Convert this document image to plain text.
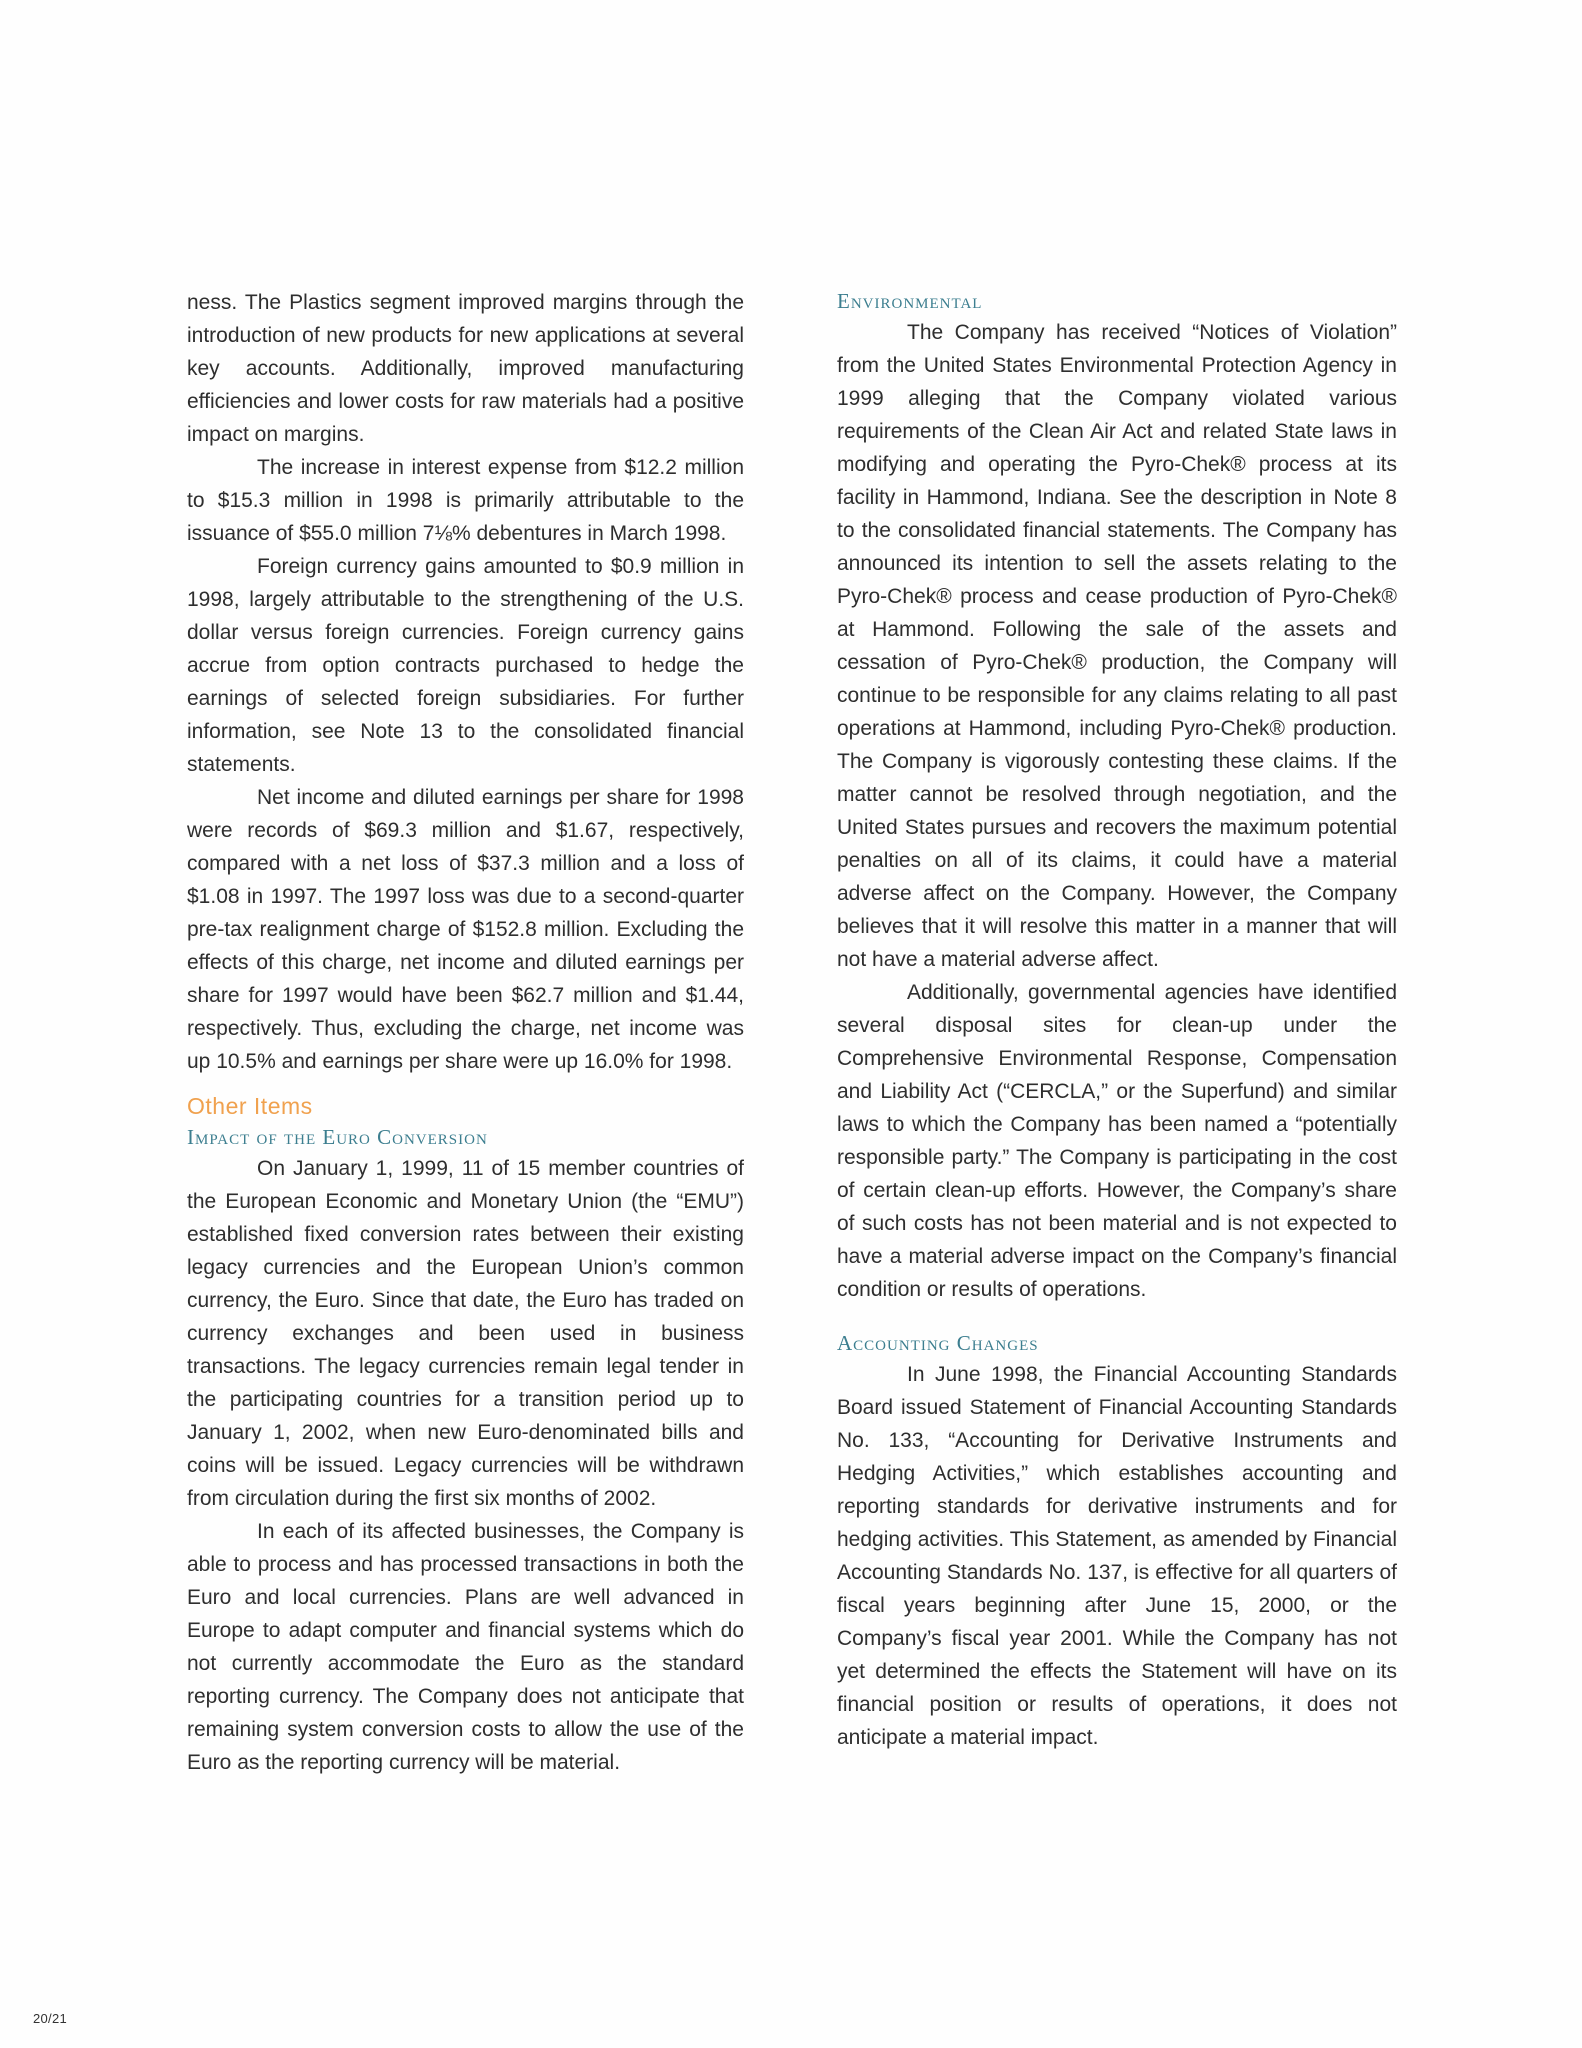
ness. The Plastics segment improved margins through the introduction of new products for new applications at several key accounts. Additionally, improved manufacturing efficiencies and lower costs for raw materials had a positive impact on margins.

The increase in interest expense from $12.2 million to $15.3 million in 1998 is primarily attributable to the issuance of $55.0 million 7⅛% debentures in March 1998.

Foreign currency gains amounted to $0.9 million in 1998, largely attributable to the strengthening of the U.S. dollar versus foreign currencies. Foreign currency gains accrue from option contracts purchased to hedge the earnings of selected foreign subsidiaries. For further information, see Note 13 to the consolidated financial statements.

Net income and diluted earnings per share for 1998 were records of $69.3 million and $1.67, respectively, compared with a net loss of $37.3 million and a loss of $1.08 in 1997. The 1997 loss was due to a second-quarter pre-tax realignment charge of $152.8 million. Excluding the effects of this charge, net income and diluted earnings per share for 1997 would have been $62.7 million and $1.44, respectively. Thus, excluding the charge, net income was up 10.5% and earnings per share were up 16.0% for 1998.

Other Items
Impact of the Euro Conversion

On January 1, 1999, 11 of 15 member countries of the European Economic and Monetary Union (the “EMU”) established fixed conversion rates between their existing legacy currencies and the European Union’s common currency, the Euro. Since that date, the Euro has traded on currency exchanges and been used in business transactions. The legacy currencies remain legal tender in the participating countries for a transition period up to January 1, 2002, when new Euro-denominated bills and coins will be issued. Legacy currencies will be withdrawn from circulation during the first six months of 2002.

In each of its affected businesses, the Company is able to process and has processed transactions in both the Euro and local currencies. Plans are well advanced in Europe to adapt computer and financial systems which do not currently accommodate the Euro as the standard reporting currency. The Company does not anticipate that remaining system conversion costs to allow the use of the Euro as the reporting currency will be material.

Environmental

The Company has received “Notices of Violation” from the United States Environmental Protection Agency in 1999 alleging that the Company violated various requirements of the Clean Air Act and related State laws in modifying and operating the Pyro-Chek® process at its facility in Hammond, Indiana. See the description in Note 8 to the consolidated financial statements. The Company has announced its intention to sell the assets relating to the Pyro-Chek® process and cease production of Pyro-Chek® at Hammond. Following the sale of the assets and cessation of Pyro-Chek® production, the Company will continue to be responsible for any claims relating to all past operations at Hammond, including Pyro-Chek® production. The Company is vigorously contesting these claims. If the matter cannot be resolved through negotiation, and the United States pursues and recovers the maximum potential penalties on all of its claims, it could have a material adverse affect on the Company. However, the Company believes that it will resolve this matter in a manner that will not have a material adverse affect.

Additionally, governmental agencies have identified several disposal sites for clean-up under the Comprehensive Environmental Response, Compensation and Liability Act (“CERCLA,” or the Superfund) and similar laws to which the Company has been named a “potentially responsible party.” The Company is participating in the cost of certain clean-up efforts. However, the Company’s share of such costs has not been material and is not expected to have a material adverse impact on the Company’s financial condition or results of operations.

Accounting Changes

In June 1998, the Financial Accounting Standards Board issued Statement of Financial Accounting Standards No. 133, “Accounting for Derivative Instruments and Hedging Activities,” which establishes accounting and reporting standards for derivative instruments and for hedging activities. This Statement, as amended by Financial Accounting Standards No. 137, is effective for all quarters of fiscal years beginning after June 15, 2000, or the Company’s fiscal year 2001. While the Company has not yet determined the effects the Statement will have on its financial position or results of operations, it does not anticipate a material impact.

20/21
